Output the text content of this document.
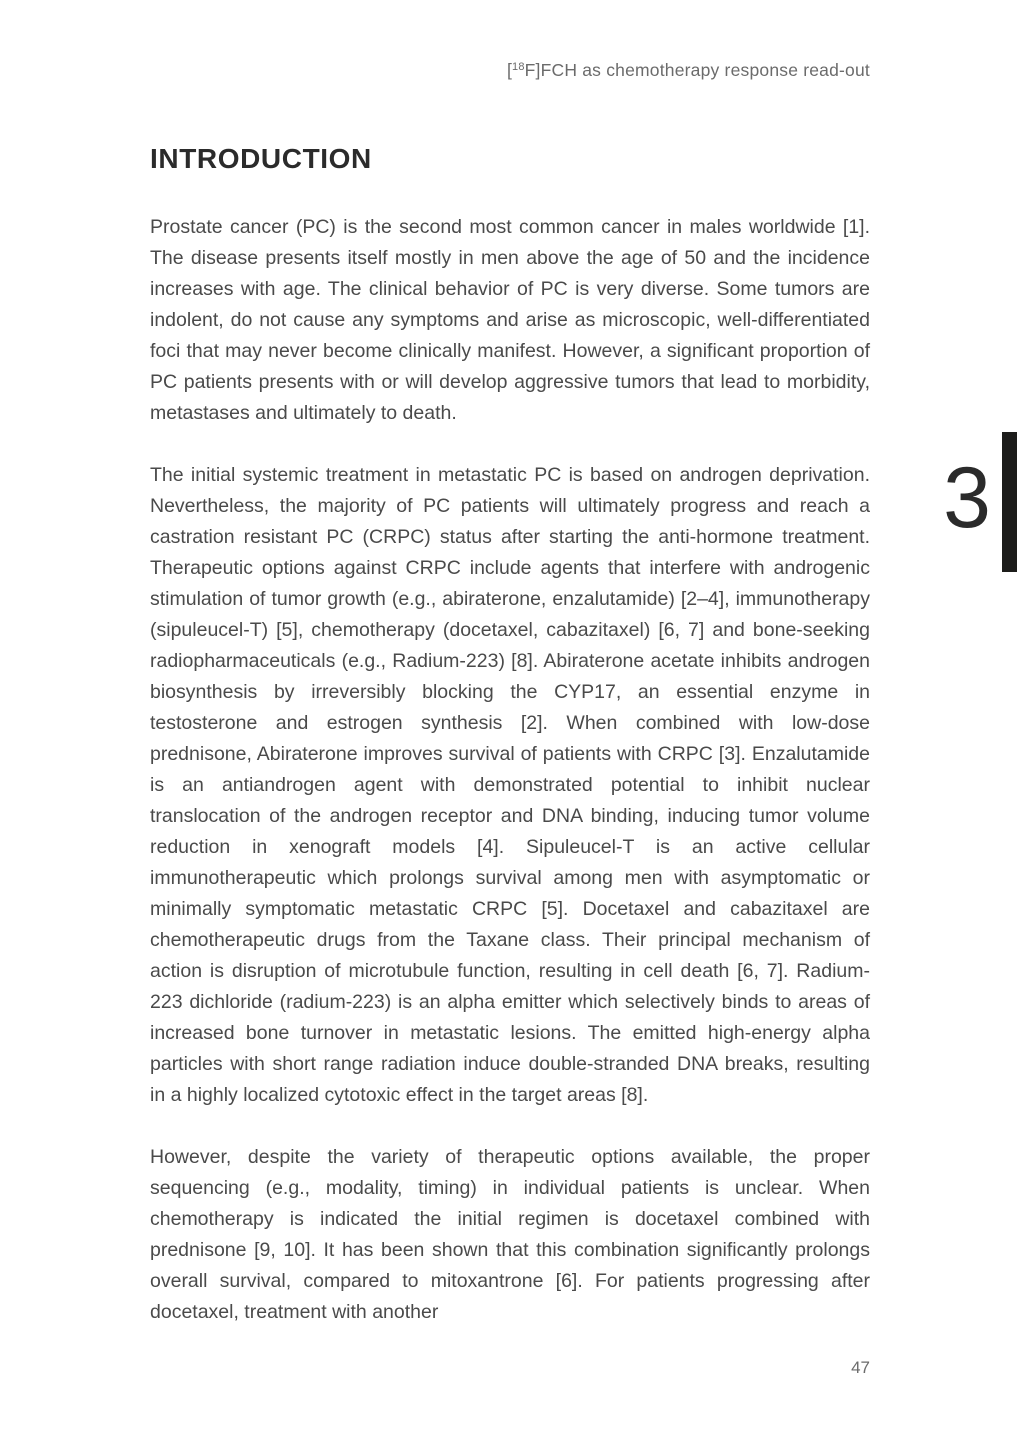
[$^{18}$F]FCH as chemotherapy response read-out
INTRODUCTION

Prostate cancer (PC) is the second most common cancer in males worldwide [1]. The disease presents itself mostly in men above the age of 50 and the incidence increases with age. The clinical behavior of PC is very diverse. Some tumors are indolent, do not cause any symptoms and arise as microscopic, well-differentiated foci that may never become clinically manifest. However, a significant proportion of PC patients presents with or will develop aggressive tumors that lead to morbidity, metastases and ultimately to death.

The initial systemic treatment in metastatic PC is based on androgen deprivation. Nevertheless, the majority of PC patients will ultimately progress and reach a castration resistant PC (CRPC) status after starting the anti-hormone treatment. Therapeutic options against CRPC include agents that interfere with androgenic stimulation of tumor growth (e.g., abiraterone, enzalutamide) [2–4], immunotherapy (sipuleucel-T) [5], chemotherapy (docetaxel, cabazitaxel) [6, 7] and bone-seeking radiopharmaceuticals (e.g., Radium-223) [8]. Abiraterone acetate inhibits androgen biosynthesis by irreversibly blocking the CYP17, an essential enzyme in testosterone and estrogen synthesis [2]. When combined with low-dose prednisone, Abiraterone improves survival of patients with CRPC [3]. Enzalutamide is an antiandrogen agent with demonstrated potential to inhibit nuclear translocation of the androgen receptor and DNA binding, inducing tumor volume reduction in xenograft models [4]. Sipuleucel-T is an active cellular immunotherapeutic which prolongs survival among men with asymptomatic or minimally symptomatic metastatic CRPC [5]. Docetaxel and cabazitaxel are chemotherapeutic drugs from the Taxane class. Their principal mechanism of action is disruption of microtubule function, resulting in cell death [6, 7]. Radium-223 dichloride (radium-223) is an alpha emitter which selectively binds to areas of increased bone turnover in metastatic lesions. The emitted high-energy alpha particles with short range radiation induce double-stranded DNA breaks, resulting in a highly localized cytotoxic effect in the target areas [8].

However, despite the variety of therapeutic options available, the proper sequencing (e.g., modality, timing) in individual patients is unclear. When chemotherapy is indicated the initial regimen is docetaxel combined with prednisone [9, 10]. It has been shown that this combination significantly prolongs overall survival, compared to mitoxantrone [6]. For patients progressing after docetaxel, treatment with another

3
47
